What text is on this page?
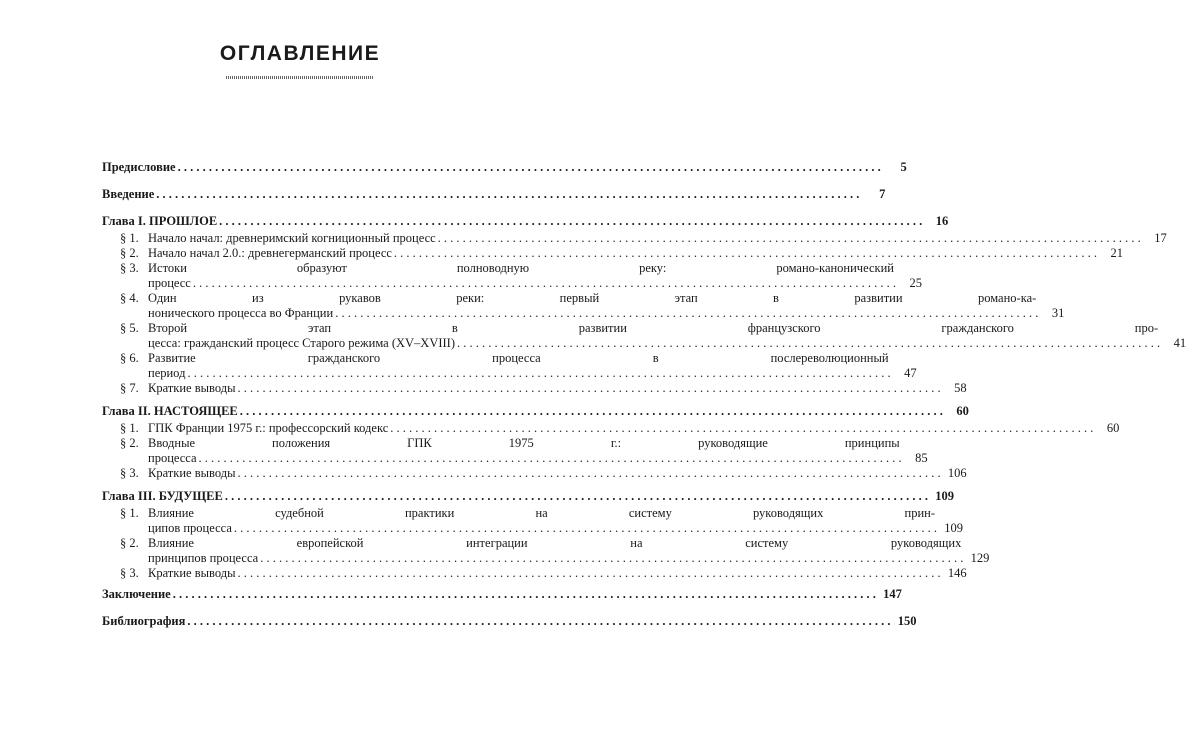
ОГЛАВЛЕНИЕ
Предисловие . . .	5
Введение . . .	7
Глава I. ПРОШЛОЕ . . .	16
§ 1. Начало начал: древнеримский когниционный процесс . . .	17
§ 2. Начало начал 2.0.: древнегерманский процесс . . .	21
§ 3. Истоки образуют полноводную реку: романо-канонический
процесс . . .	25
§ 4. Один из рукавов реки: первый этап в развитии романо-ка-
нонического процесса во Франции . . .	31
§ 5. Второй этап в развитии французского гражданского про-
цесса: гражданский процесс Старого режима (XV–XVIII) . . .	41
§ 6. Развитие гражданского процесса в послереволюционный
период . . .	47
§ 7. Краткие выводы . . .	58
Глава II. НАСТОЯЩЕЕ . . .	60
§ 1. ГПК Франции 1975 г.: профессорский кодекс . . .	60
§ 2. Вводные положения ГПК 1975 г.: руководящие принципы
процесса . . .	85
§ 3. Краткие выводы . . .	106
Глава III. БУДУЩЕЕ . . .	109
§ 1. Влияние судебной практики на систему руководящих прин-
ципов процесса . . .	109
§ 2. Влияние европейской интеграции на систему руководящих
принципов процесса . . .	129
§ 3. Краткие выводы . . .	146
Заключение . . .	147
Библиография . . .	150
